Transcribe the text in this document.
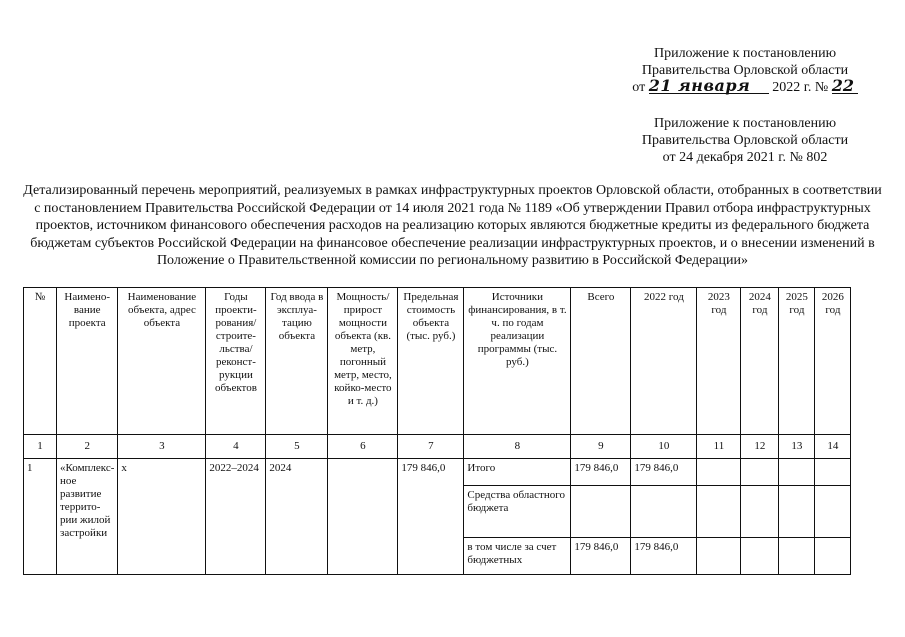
Приложение к постановлению
Правительства Орловской области
от 21 января 2022 г. № 22
Приложение к постановлению
Правительства Орловской области
от 24 декабря 2021 г. № 802
Детализированный перечень мероприятий, реализуемых в рамках инфраструктурных проектов Орловской области, отобранных в соответствии с постановлением Правительства Российской Федерации от 14 июля 2021 года № 1189 «Об утверждении Правил отбора инфраструктурных проектов, источником финансового обеспечения расходов на реализацию которых являются бюджетные кредиты из федерального бюджета бюджетам субъектов Российской Федерации на финансовое обеспечение реализации инфраструктурных проектов, и о внесении изменений в Положение о Правительственной комиссии по региональному развитию в Российской Федерации»
№	Наимено-вание проекта	Наименование объекта, адрес объекта	Годы проекти-рования/ строите-льства/ реконст-рукции объектов	Год ввода в эксплуа-тацию объекта	Мощность/ прирост мощности объекта (кв. метр, погонный метр, место, койко-место и т. д.)	Предельная стоимость объекта (тыс. руб.)	Источники финансирования, в т. ч. по годам реализации программы (тыс. руб.)	Всего	2022 год	2023 год	2024 год	2025 год	2026 год
1	2	3	4	5	6	7	8	9	10	11	12	13	14
1	«Комплекс-ное развитие террито-рии жилой застройки	х	2022–2024	2024		179 846,0	Итого	179 846,0	179 846,0				
							Средства областного бюджета						
							в том числе за счет бюджетных	179 846,0	179 846,0				
